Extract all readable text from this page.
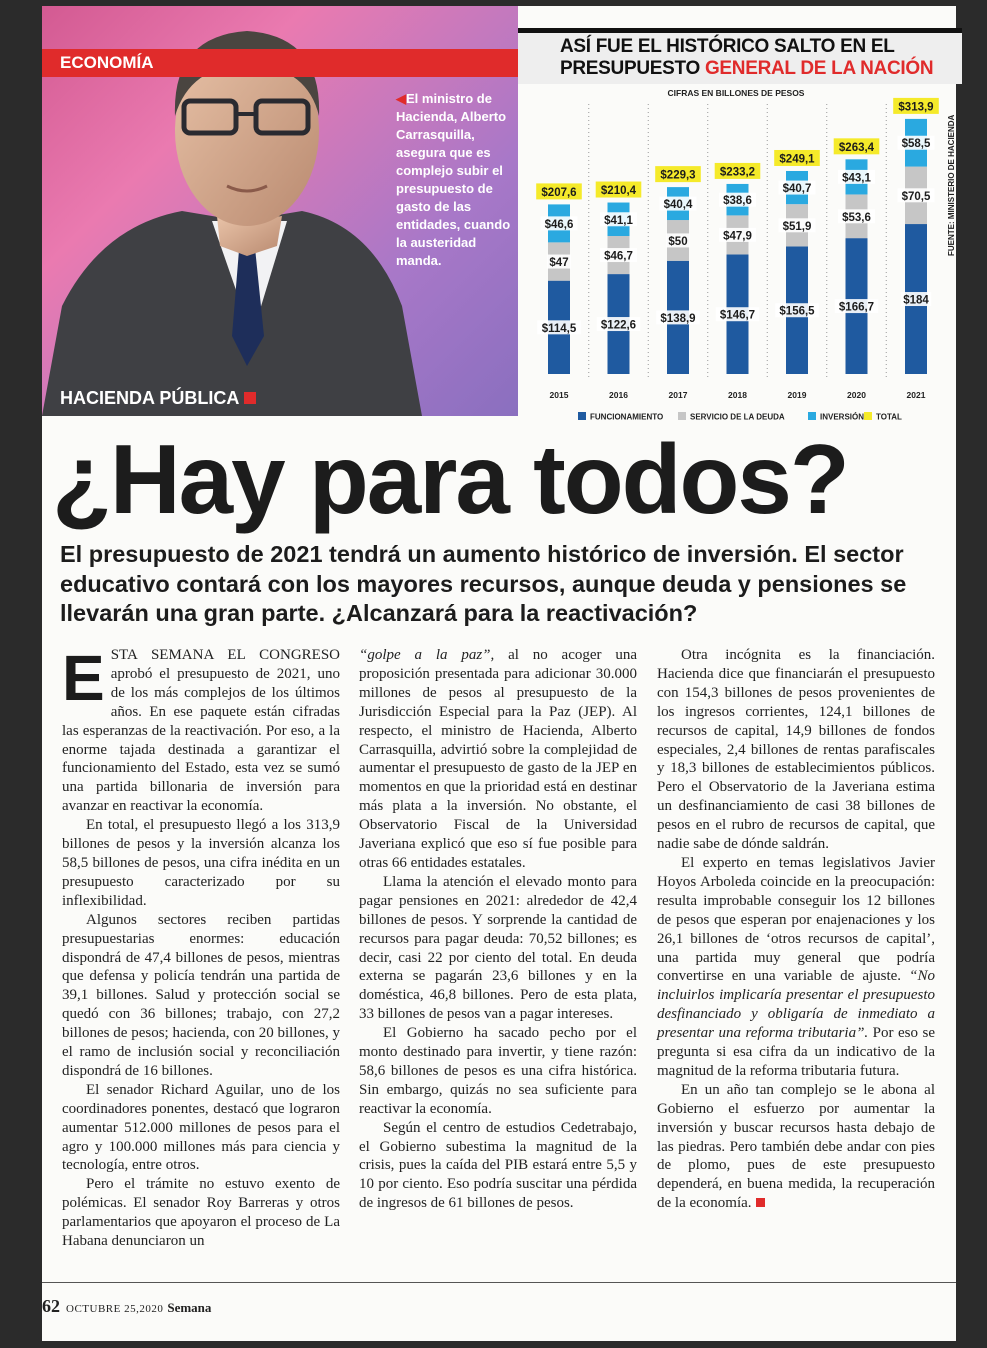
ECONOMÍA
◀El ministro de Hacienda, Alberto Carrasquilla, asegura que es complejo subir el presupuesto de gasto de las entidades, cuando la austeridad manda.
HACIENDA PÚBLICA
ASÍ FUE EL HISTÓRICO SALTO EN EL
PRESUPUESTO GENERAL DE LA NACIÓN
CIFRAS EN BILLONES DE PESOS
$114,5
$47
$46,6
$207,6
2015
$122,6
$46,7
$41,1
$210,4
2016
$138,9
$50
$40,4
$229,3
2017
$146,7
$47,9
$38,6
$233,2
2018
$156,5
$51,9
$40,7
$249,1
2019
$166,7
$53,6
$43,1
$263,4
2020
$184
$70,5
$58,5
$313,9
2021
FUNCIONAMIENTO	SERVICIO DE LA DEUDA	INVERSIÓN TOTAL
FUENTE: MINISTERIO DE HACIENDA
¿Hay para todos?
El presupuesto de 2021 tendrá un aumento histórico de inversión. El sector educativo contará con los mayores recursos, aunque deuda y pensiones se llevarán una gran parte. ¿Alcanzará para la reactivación?

ESTA SEMANA EL CONGRESO aprobó el presupuesto de 2021, uno de los más complejos de los últimos años. En ese paquete están cifradas las esperanzas de la reactivación. Por eso, a la enorme tajada destinada a garantizar el funcionamiento del Estado, esta vez se sumó una partida billonaria de inversión para avanzar en reactivar la economía.

En total, el presupuesto llegó a los 313,9 billones de pesos y la inversión alcanza los 58,5 billones de pesos, una cifra inédita en un presupuesto caracterizado por su inflexibilidad.

Algunos sectores reciben partidas presupuestarias enormes: educación dispondrá de 47,4 billones de pesos, mientras que defensa y policía tendrán una partida de 39,1 billones. Salud y protección social se quedó con 36 billones; trabajo, con 27,2 billones de pesos; hacienda, con 20 billones, y el ramo de inclusión social y reconciliación dispondrá de 16 billones.

El senador Richard Aguilar, uno de los coordinadores ponentes, destacó que lograron aumentar 512.000 millones de pesos para el agro y 100.000 millones más para ciencia y tecnología, entre otros.

Pero el trámite no estuvo exento de polémicas. El senador Roy Barreras y otros parlamentarios que apoyaron el proceso de La Habana denunciaron un

“golpe a la paz”, al no acoger una proposición presentada para adicionar 30.000 millones de pesos al presupuesto de la Jurisdicción Especial para la Paz (JEP). Al respecto, el ministro de Hacienda, Alberto Carrasquilla, advirtió sobre la complejidad de aumentar el presupuesto de gasto de la JEP en momentos en que la prioridad está en destinar más plata a la inversión. No obstante, el Observatorio Fiscal de la Universidad Javeriana explicó que eso sí fue posible para otras 66 entidades estatales.

Llama la atención el elevado monto para pagar pensiones en 2021: alrededor de 42,4 billones de pesos. Y sorprende la cantidad de recursos para pagar deuda: 70,52 billones; es decir, casi 22 por ciento del total. En deuda externa se pagarán 23,6 billones y en la doméstica, 46,8 billones. Pero de esta plata, 33 billones de pesos van a pagar intereses.

El Gobierno ha sacado pecho por el monto destinado para invertir, y tiene razón: 58,6 billones de pesos es una cifra histórica. Sin embargo, quizás no sea suficiente para reactivar la economía.

Según el centro de estudios Cedetrabajo, el Gobierno subestima la magnitud de la crisis, pues la caída del PIB estará entre 5,5 y 10 por ciento. Eso podría suscitar una pérdida de ingresos de 61 billones de pesos.

Otra incógnita es la financiación. Hacienda dice que financiarán el presupuesto con 154,3 billones de pesos provenientes de los ingresos corrientes, 124,1 billones de recursos de capital, 14,9 billones de fondos especiales, 2,4 billones de rentas parafiscales y 18,3 billones de establecimientos públicos. Pero el Observatorio de la Javeriana estima un desfinanciamiento de casi 38 billones de pesos en el rubro de recursos de capital, que nadie sabe de dónde saldrán.

El experto en temas legislativos Javier Hoyos Arboleda coincide en la preocupación: resulta improbable conseguir los 12 billones de pesos que esperan por enajenaciones y los 26,1 billones de ‘otros recursos de capital’, una partida muy general que podría convertirse en una variable de ajuste. “No incluirlos implicaría presentar el presupuesto desfinanciado y obligaría de inmediato a presentar una reforma tributaria”. Por eso se pregunta si esa cifra da un indicativo de la magnitud de la reforma tributaria futura.

En un año tan complejo se le abona al Gobierno el esfuerzo por aumentar la inversión y buscar recursos hasta debajo de las piedras. Pero también debe andar con pies de plomo, pues de este presupuesto dependerá, en buena medida, la recuperación de la economía.

62 OCTUBRE 25,2020 Semana
